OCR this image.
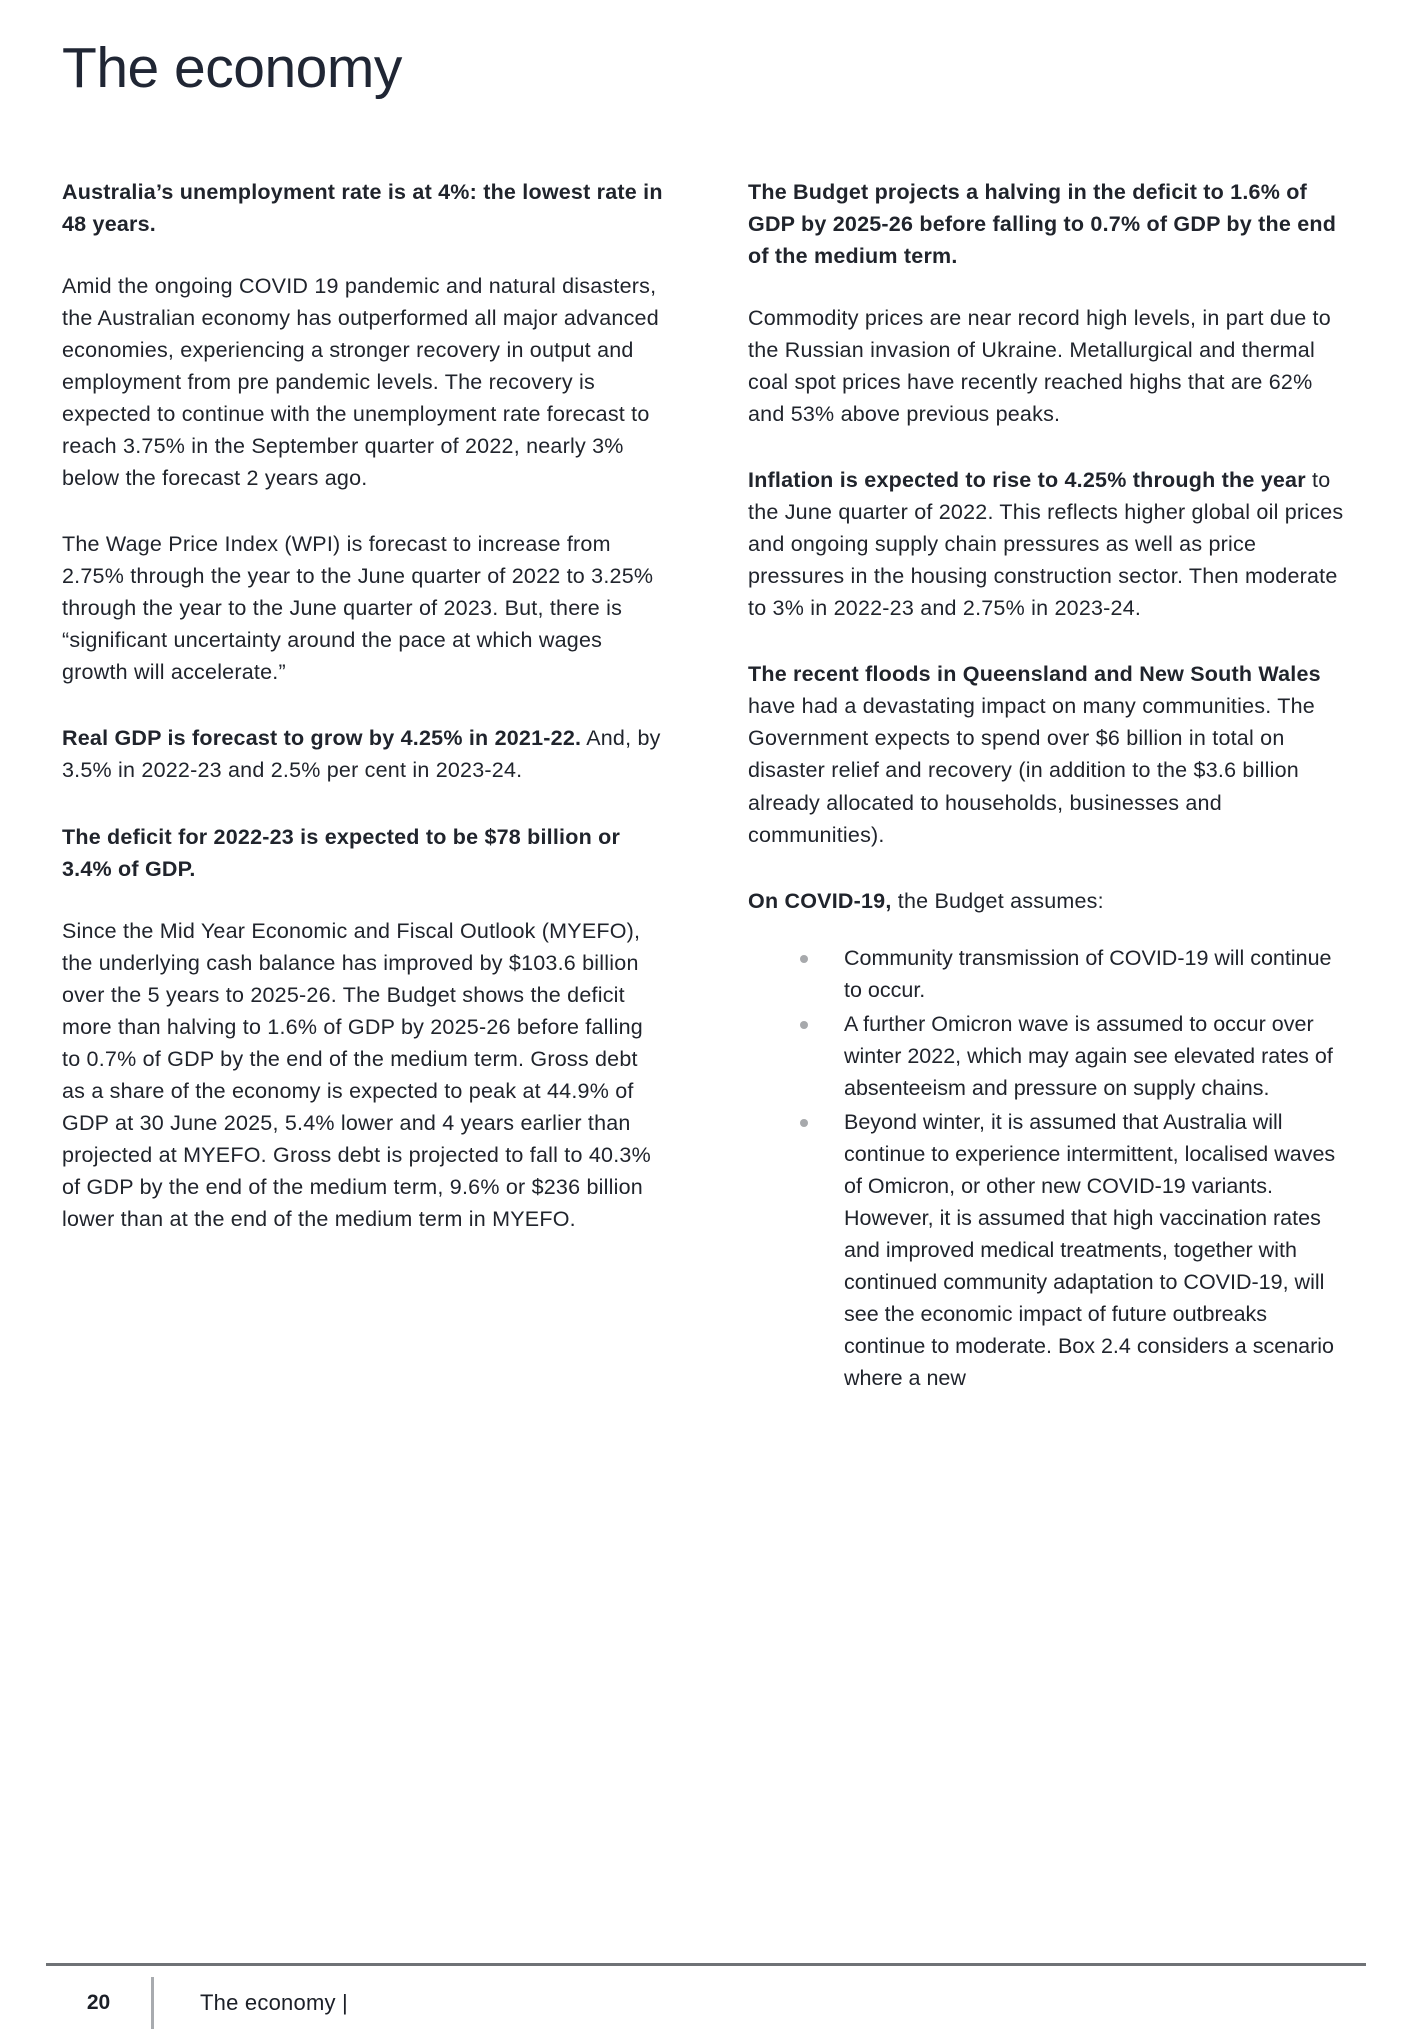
The economy

Australia’s unemployment rate is at 4%: the lowest rate in 48 years.

Amid the ongoing COVID 19 pandemic and natural disasters, the Australian economy has outperformed all major advanced economies, experiencing a stronger recovery in output and employment from pre pandemic levels. The recovery is expected to continue with the unemployment rate forecast to reach 3.75% in the September quarter of 2022, nearly 3% below the forecast 2 years ago.

The Wage Price Index (WPI) is forecast to increase from 2.75% through the year to the June quarter of 2022 to 3.25% through the year to the June quarter of 2023. But, there is “significant uncertainty around the pace at which wages growth will accelerate.”

Real GDP is forecast to grow by 4.25% in 2021-22. And, by 3.5% in 2022-23 and 2.5% per cent in 2023-24.

The deficit for 2022-23 is expected to be $78 billion or 3.4% of GDP.

Since the Mid Year Economic and Fiscal Outlook (MYEFO), the underlying cash balance has improved by $103.6 billion over the 5 years to 2025-26. The Budget shows the deficit more than halving to 1.6% of GDP by 2025-26 before falling to 0.7% of GDP by the end of the medium term. Gross debt as a share of the economy is expected to peak at 44.9% of GDP at 30 June 2025, 5.4% lower and 4 years earlier than projected at MYEFO. Gross debt is projected to fall to 40.3% of GDP by the end of the medium term, 9.6% or $236 billion lower than at the end of the medium term in MYEFO.

The Budget projects a halving in the deficit to 1.6% of GDP by 2025-26 before falling to 0.7% of GDP by the end of the medium term.

Commodity prices are near record high levels, in part due to the Russian invasion of Ukraine. Metallurgical and thermal coal spot prices have recently reached highs that are 62% and 53% above previous peaks.

Inflation is expected to rise to 4.25% through the year to the June quarter of 2022. This reflects higher global oil prices and ongoing supply chain pressures as well as price pressures in the housing construction sector. Then moderate to 3% in 2022-23 and 2.75% in 2023-24.

The recent floods in Queensland and New South Wales have had a devastating impact on many communities. The Government expects to spend over $6 billion in total on disaster relief and recovery (in addition to the $3.6 billion already allocated to households, businesses and communities).

On COVID-19, the Budget assumes:

Community transmission of COVID-19 will continue to occur.
A further Omicron wave is assumed to occur over winter 2022, which may again see elevated rates of absenteeism and pressure on supply chains.
Beyond winter, it is assumed that Australia will continue to experience intermittent, localised waves of Omicron, or other new COVID-19 variants. However, it is assumed that high vaccination rates and improved medical treatments, together with continued community adaptation to COVID-19, will see the economic impact of future outbreaks continue to moderate. Box 2.4 considers a scenario where a new
20	The economy |
